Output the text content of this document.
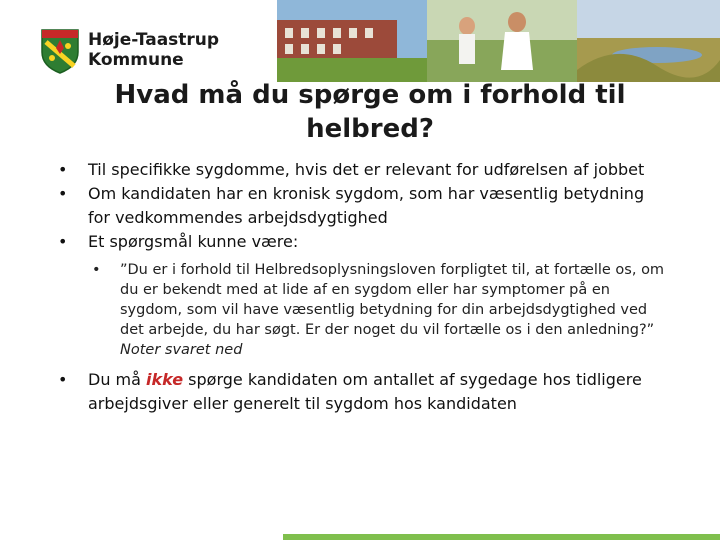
Høje-Taastrup
Kommune
Hvad må du spørge om i forhold til
helbred?
•	Til specifikke sygdomme, hvis det er relevant for udførelsen af jobbet
•	Om kandidaten har en kronisk sygdom, som har væsentlig betydning for vedkommendes arbejdsdygtighed
•	Et spørgsmål kunne være:
• ”Du er i forhold til Helbredsoplysningsloven forpligtet til, at fortælle os, om du er bekendt med at lide af en sygdom eller har symptomer på en sygdom, som vil have væsentlig betydning for din arbejdsdygtighed ved det arbejde, du har søgt. Er der noget du vil fortælle os i den anledning?” Noter svaret ned
•	Du må ikke spørge kandidaten om antallet af sygedage hos tidligere arbejdsgiver eller generelt til sygdom hos kandidaten
